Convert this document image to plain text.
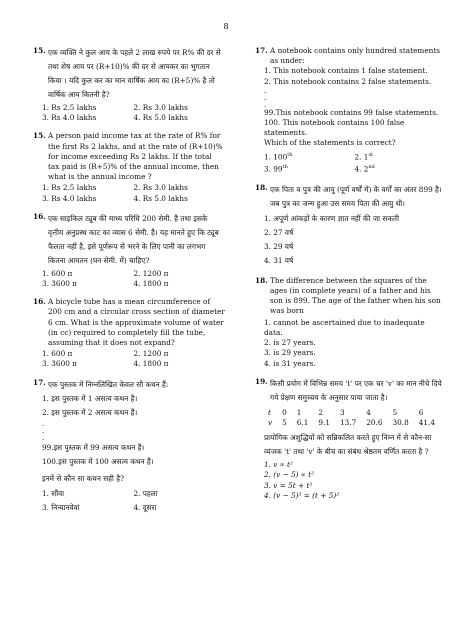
8
15. एक व्यक्ति ने कुल आय के पहले 2 लाख रुपये पर R% की दर से तथा शेष आय पर (R+10)% की दर से आयकर का भुगतान किया । यदि कुल कर का मान वार्षिक आय का (R+5)% है तो वार्षिक आय कितनी है?
1. Rs 2.5 lakhs	2. Rs 3.0 lakhs
3. Rs 4.0 lakhs	4. Rs 5.0 lakhs
15. A person paid income tax at the rate of R% for the first Rs 2 lakhs, and at the rate of (R+10)% for income exceeding Rs 2 lakhs. If the total tax paid is (R+5)% of the annual income, then what is the annual income ?
1. Rs 2.5 lakhs	2. Rs 3.0 lakhs
3. Rs 4.0 lakhs	4. Rs 5.0 lakhs
16. एक साइकिल ट्यूब की माध्य परिधि 200 सेमी. है तथा इसके वृत्तीय अनुप्रस्थ काट का व्यास 6 सेमी. है। यह मानते हुए कि ट्यूब फैलता नहीं है, इसे पूर्णरूप से भरने के लिए पानी का लगभग कितना आयतन (घन सेमी. में) चाहिए?
1. 600 π	2. 1200 π
3. 3600 π	4. 1800 π
16. A bicycle tube has a mean circumference of 200 cm and a circular cross section of diameter 6 cm. What is the approximate volume of water (in cc) required to completely fill the tube, assuming that it does not expand?
1. 600 π	2. 1200 π
3. 3600 π	4. 1800 π
17. एक पुस्तक में निम्नलिखित केवल सौ कथन हैं:
1. इस पुस्तक में 1 असत्य कथन है।
2. इस पुस्तक में 2 असत्य कथन हैं।
.
.
.
99.इस पुस्तक में 99 असत्य कथन हैं।
100.इस पुस्तक में 100 असत्य कथन हैं।
इनमें से कौन सा कथन सही है?
1. सौंवा	2. पहला
3. निन्यानवेवां	4. दूसरा
17. A notebook contains only hundred statements as under:
1. This notebook contains 1 false statement.
2. This notebook contains 2 false statements.
.
.
.
99.This notebook contains 99 false statements.
100. This notebook contains 100 false statements.
Which of the statements is correct?
1. 100th	2. 1st
3. 99th	4. 2nd
18. एक पिता व पुत्र की आयु (पूर्ण वर्षों में) के वर्गों का अंतर 899 है। जब पुत्र का जन्म हुआ उस समय पिता की आयु थी।
1. अपूर्ण आंकड़ों के कारण ज्ञात नहीं की जा सकती
2. 27 वर्ष
3. 29 वर्ष
4. 31 वर्ष
18. The difference between the squares of the ages (in complete years) of a father and his son is 899. The age of the father when his son was born
1. cannot be ascertained due to inadequate data.
2. is 27 years.
3. is 29 years.
4. is 31 years.
19. किसी प्रयोग में विभिन्न समय 't' पर एक चर 'v' का मान नीचे दिये गये प्रेक्षण समुच्चय के अनुसार पाया जाता है।
t	0	1	2	3	4	5	6
v	5	6.1	9.1	13.7	20.6	30.8	41.4
प्रायोगिक अशुद्धियों को सन्निकलित करते हुए निम्न में से कौन-सा व्यंजक 't' तथा 'v' के बीच का संबंध श्रेष्ठतम वर्णित करता है ?
1. v ∝ t²
2. (v − 5) ∝ t²
3. v = 5t + t²
4. (v − 5)² = (t + 5)²
